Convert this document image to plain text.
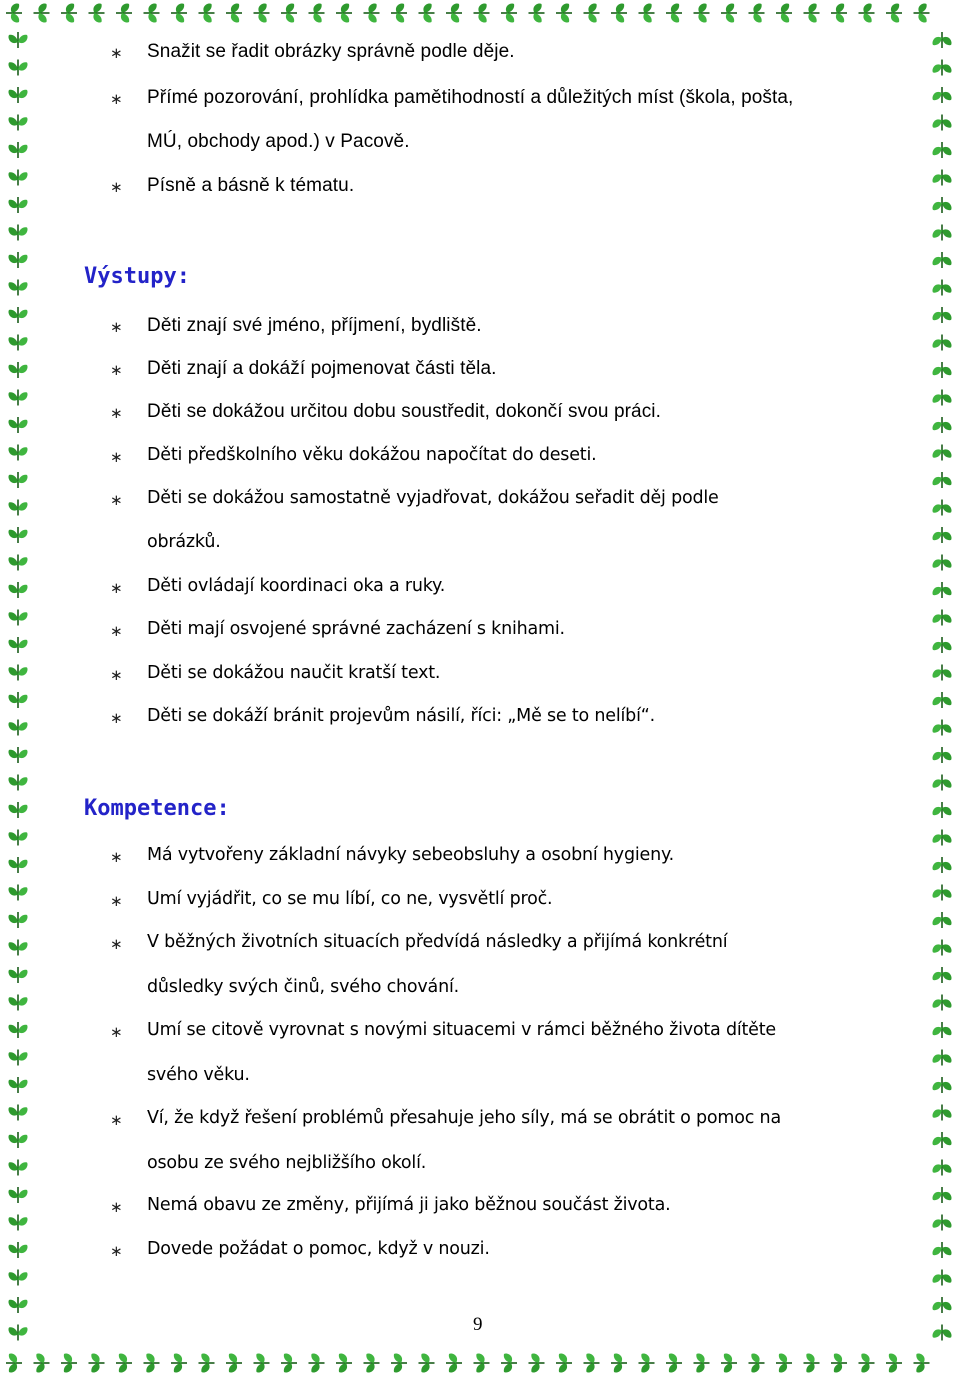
∗ Snažit se řadit obrázky správně podle děje.
∗ Přímé pozorování, prohlídka pamětihodností a důležitých míst (škola, pošta,
MÚ, obchody apod.) v Pacově.
∗ Písně a básně k tématu.
Výstupy:
∗ Děti znají své jméno, příjmení, bydliště.
∗ Děti znají a dokáží pojmenovat části těla.
∗ Děti se dokážou určitou dobu soustředit, dokončí svou práci.
∗ Děti předškolního věku dokážou napočítat do deseti.
∗ Děti se dokážou samostatně vyjadřovat, dokážou seřadit děj podle
obrázků.
∗ Děti ovládají koordinaci oka a ruky.
∗ Děti mají osvojené správné zacházení s knihami.
∗ Děti se dokážou naučit kratší text.
∗ Děti se dokáží bránit projevům násilí, říci: „Mě se to nelíbí“.
Kompetence:
∗ Má vytvořeny základní návyky sebeobsluhy a osobní hygieny.
∗ Umí vyjádřit, co se mu líbí, co ne, vysvětlí proč.
∗ V běžných životních situacích předvídá následky a přijímá konkrétní
důsledky svých činů, svého chování.
∗ Umí se citově vyrovnat s novými situacemi v rámci běžného života dítěte
svého věku.
∗ Ví, že když řešení problémů přesahuje jeho síly, má se obrátit o pomoc na
osobu ze svého nejbližšího okolí.
∗ Nemá obavu ze změny, přijímá ji jako běžnou součást života.
∗ Dovede požádat o pomoc, když v nouzi.
9
